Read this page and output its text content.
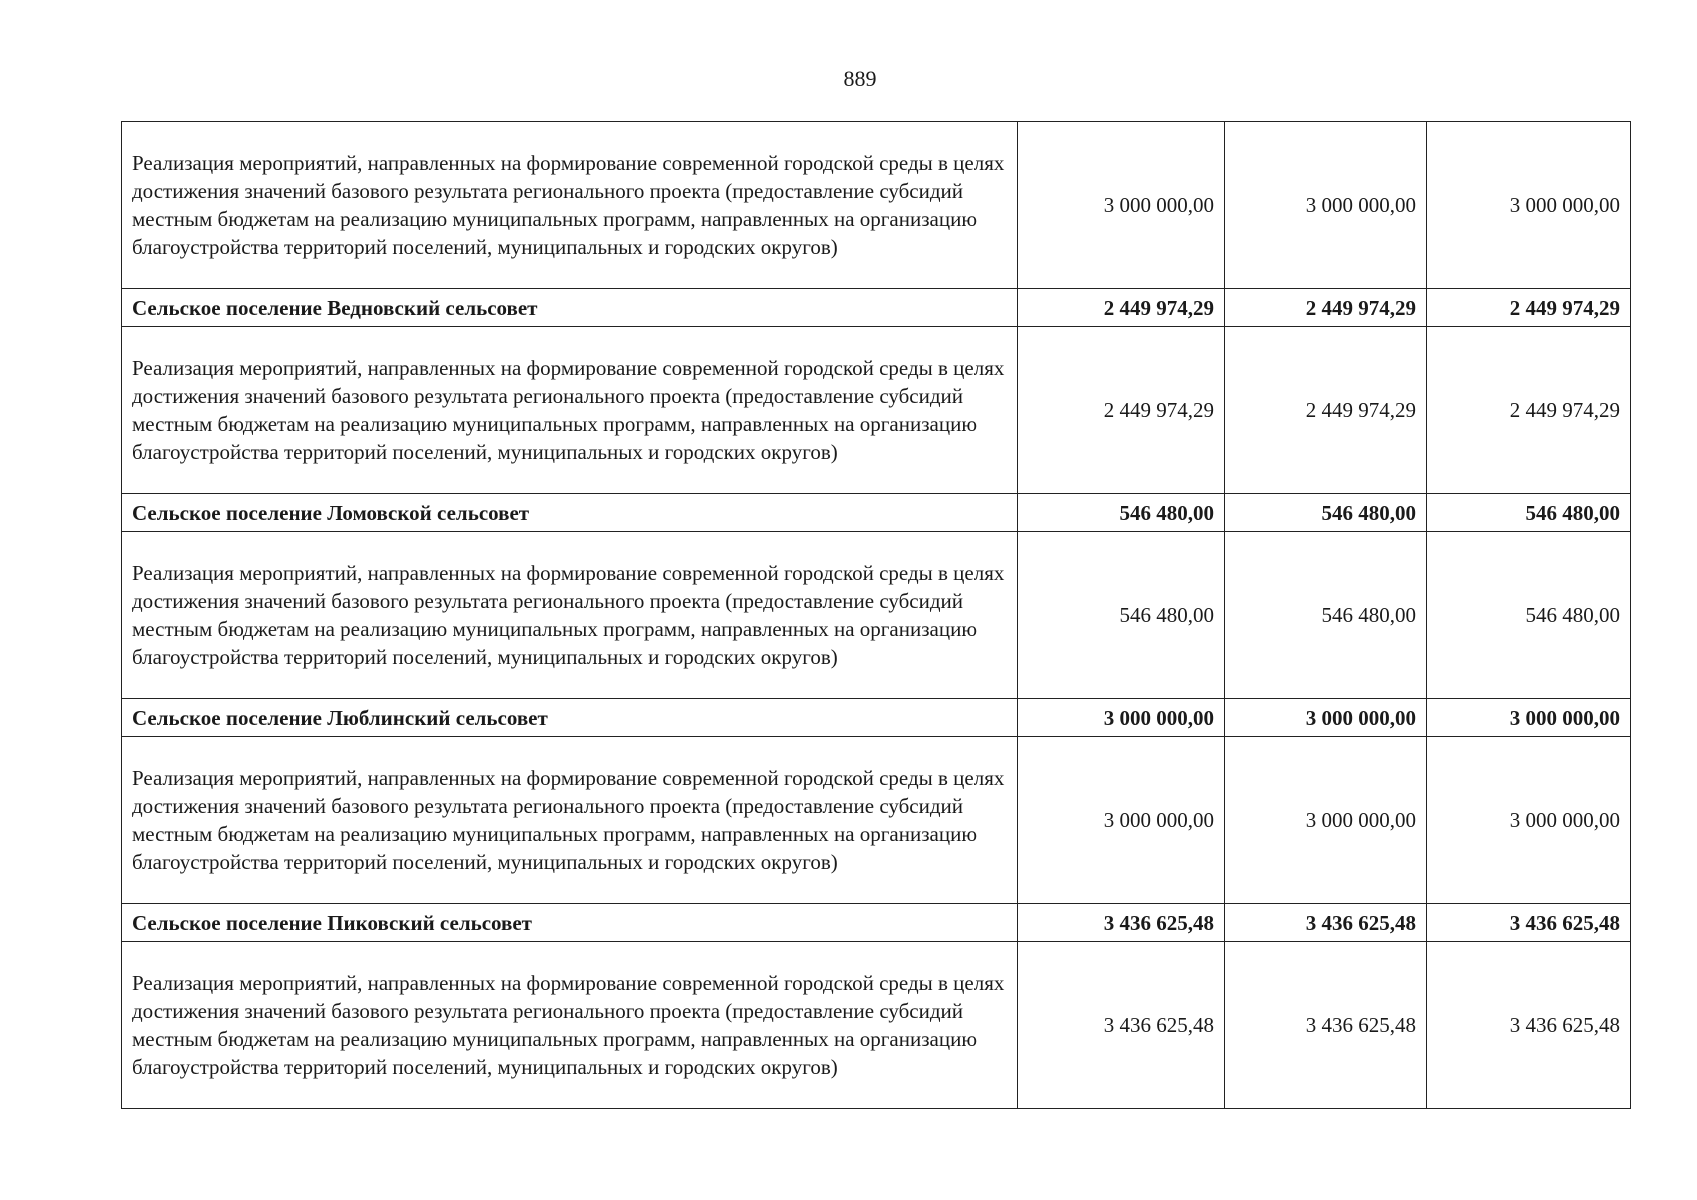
889
Реализация мероприятий, направленных на формирование современной городской среды в целях достижения значений базового результата регионального проекта (предоставление субсидий местным бюджетам на реализацию муниципальных программ, направленных на организацию благоустройства территорий поселений, муниципальных и городских округов)	3 000 000,00	3 000 000,00	3 000 000,00
Сельское поселение Ведновский сельсовет	2 449 974,29	2 449 974,29	2 449 974,29
Реализация мероприятий, направленных на формирование современной городской среды в целях достижения значений базового результата регионального проекта (предоставление субсидий местным бюджетам на реализацию муниципальных программ, направленных на организацию благоустройства территорий поселений, муниципальных и городских округов)	2 449 974,29	2 449 974,29	2 449 974,29
Сельское поселение Ломовской сельсовет	546 480,00	546 480,00	546 480,00
Реализация мероприятий, направленных на формирование современной городской среды в целях достижения значений базового результата регионального проекта (предоставление субсидий местным бюджетам на реализацию муниципальных программ, направленных на организацию благоустройства территорий поселений, муниципальных и городских округов)	546 480,00	546 480,00	546 480,00
Сельское поселение Люблинский сельсовет	3 000 000,00	3 000 000,00	3 000 000,00
Реализация мероприятий, направленных на формирование современной городской среды в целях достижения значений базового результата регионального проекта (предоставление субсидий местным бюджетам на реализацию муниципальных программ, направленных на организацию благоустройства территорий поселений, муниципальных и городских округов)	3 000 000,00	3 000 000,00	3 000 000,00
Сельское поселение Пиковский сельсовет	3 436 625,48	3 436 625,48	3 436 625,48
Реализация мероприятий, направленных на формирование современной городской среды в целях достижения значений базового результата регионального проекта (предоставление субсидий местным бюджетам на реализацию муниципальных программ, направленных на организацию благоустройства территорий поселений, муниципальных и городских округов)	3 436 625,48	3 436 625,48	3 436 625,48
